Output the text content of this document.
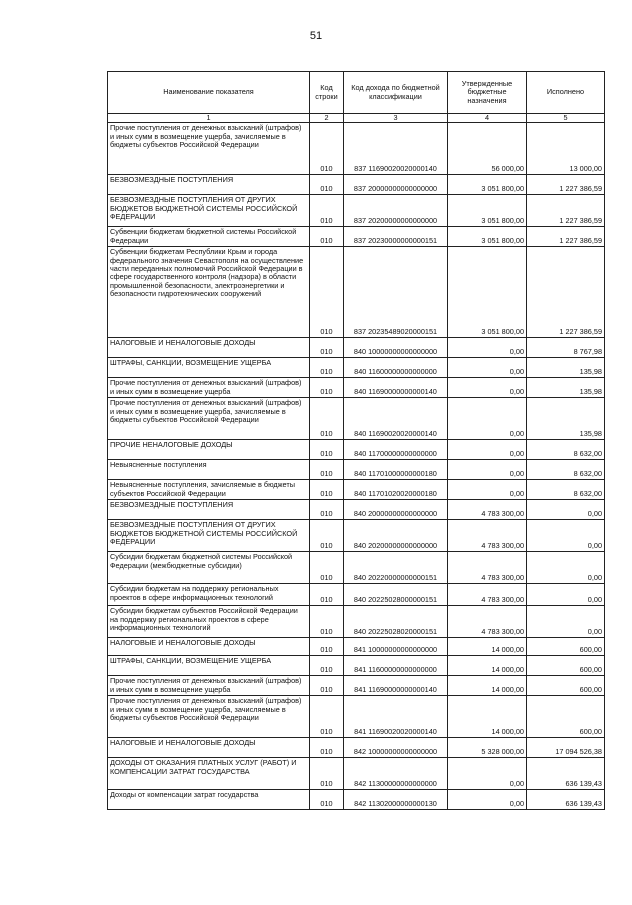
51
Наименование показателя	Код строки	Код дохода по бюджетной классификации	Утвержденные бюджетные назначения	Исполнено
1	2	3	4	5
Прочие поступления от денежных взысканий (штрафов) и иных сумм в возмещение ущерба, зачисляемые в бюджеты субъектов Российской Федерации	010	837 11690020020000140	56 000,00	13 000,00
БЕЗВОЗМЕЗДНЫЕ ПОСТУПЛЕНИЯ	010	837 20000000000000000	3 051 800,00	1 227 386,59
БЕЗВОЗМЕЗДНЫЕ ПОСТУПЛЕНИЯ ОТ ДРУГИХ БЮДЖЕТОВ БЮДЖЕТНОЙ СИСТЕМЫ РОССИЙСКОЙ ФЕДЕРАЦИИ	010	837 20200000000000000	3 051 800,00	1 227 386,59
Субвенции бюджетам бюджетной системы Российской Федерации	010	837 20230000000000151	3 051 800,00	1 227 386,59
Субвенции бюджетам Республики Крым и города федерального значения Севастополя на осуществление части переданных полномочий Российской Федерации в сфере государственного контроля (надзора) в области промышленной безопасности, электроэнергетики и безопасности гидротехнических сооружений	010	837 20235489020000151	3 051 800,00	1 227 386,59
НАЛОГОВЫЕ И НЕНАЛОГОВЫЕ ДОХОДЫ	010	840 10000000000000000	0,00	8 767,98
ШТРАФЫ, САНКЦИИ, ВОЗМЕЩЕНИЕ УЩЕРБА	010	840 11600000000000000	0,00	135,98
Прочие поступления от денежных взысканий (штрафов) и иных сумм в возмещение ущерба	010	840 11690000000000140	0,00	135,98
Прочие поступления от денежных взысканий (штрафов) и иных сумм в возмещение ущерба, зачисляемые в бюджеты субъектов Российской Федерации	010	840 11690020020000140	0,00	135,98
ПРОЧИЕ НЕНАЛОГОВЫЕ ДОХОДЫ	010	840 11700000000000000	0,00	8 632,00
Невыясненные поступления	010	840 11701000000000180	0,00	8 632,00
Невыясненные поступления, зачисляемые в бюджеты субъектов Российской Федерации	010	840 11701020020000180	0,00	8 632,00
БЕЗВОЗМЕЗДНЫЕ ПОСТУПЛЕНИЯ	010	840 20000000000000000	4 783 300,00	0,00
БЕЗВОЗМЕЗДНЫЕ ПОСТУПЛЕНИЯ ОТ ДРУГИХ БЮДЖЕТОВ БЮДЖЕТНОЙ СИСТЕМЫ РОССИЙСКОЙ ФЕДЕРАЦИИ	010	840 20200000000000000	4 783 300,00	0,00
Субсидии бюджетам бюджетной системы Российской Федерации (межбюджетные субсидии)	010	840 20220000000000151	4 783 300,00	0,00
Субсидии бюджетам на поддержку региональных проектов в сфере информационных технологий	010	840 20225028000000151	4 783 300,00	0,00
Субсидии бюджетам субъектов Российской Федерации на поддержку региональных проектов в сфере информационных технологий	010	840 20225028020000151	4 783 300,00	0,00
НАЛОГОВЫЕ И НЕНАЛОГОВЫЕ ДОХОДЫ	010	841 10000000000000000	14 000,00	600,00
ШТРАФЫ, САНКЦИИ, ВОЗМЕЩЕНИЕ УЩЕРБА	010	841 11600000000000000	14 000,00	600,00
Прочие поступления от денежных взысканий (штрафов) и иных сумм в возмещение ущерба	010	841 11690000000000140	14 000,00	600,00
Прочие поступления от денежных взысканий (штрафов) и иных сумм в возмещение ущерба, зачисляемые в бюджеты субъектов Российской Федерации	010	841 11690020020000140	14 000,00	600,00
НАЛОГОВЫЕ И НЕНАЛОГОВЫЕ ДОХОДЫ	010	842 10000000000000000	5 328 000,00	17 094 526,38
ДОХОДЫ ОТ ОКАЗАНИЯ ПЛАТНЫХ УСЛУГ (РАБОТ) И КОМПЕНСАЦИИ ЗАТРАТ ГОСУДАРСТВА	010	842 11300000000000000	0,00	636 139,43
Доходы от компенсации затрат государства	010	842 11302000000000130	0,00	636 139,43
